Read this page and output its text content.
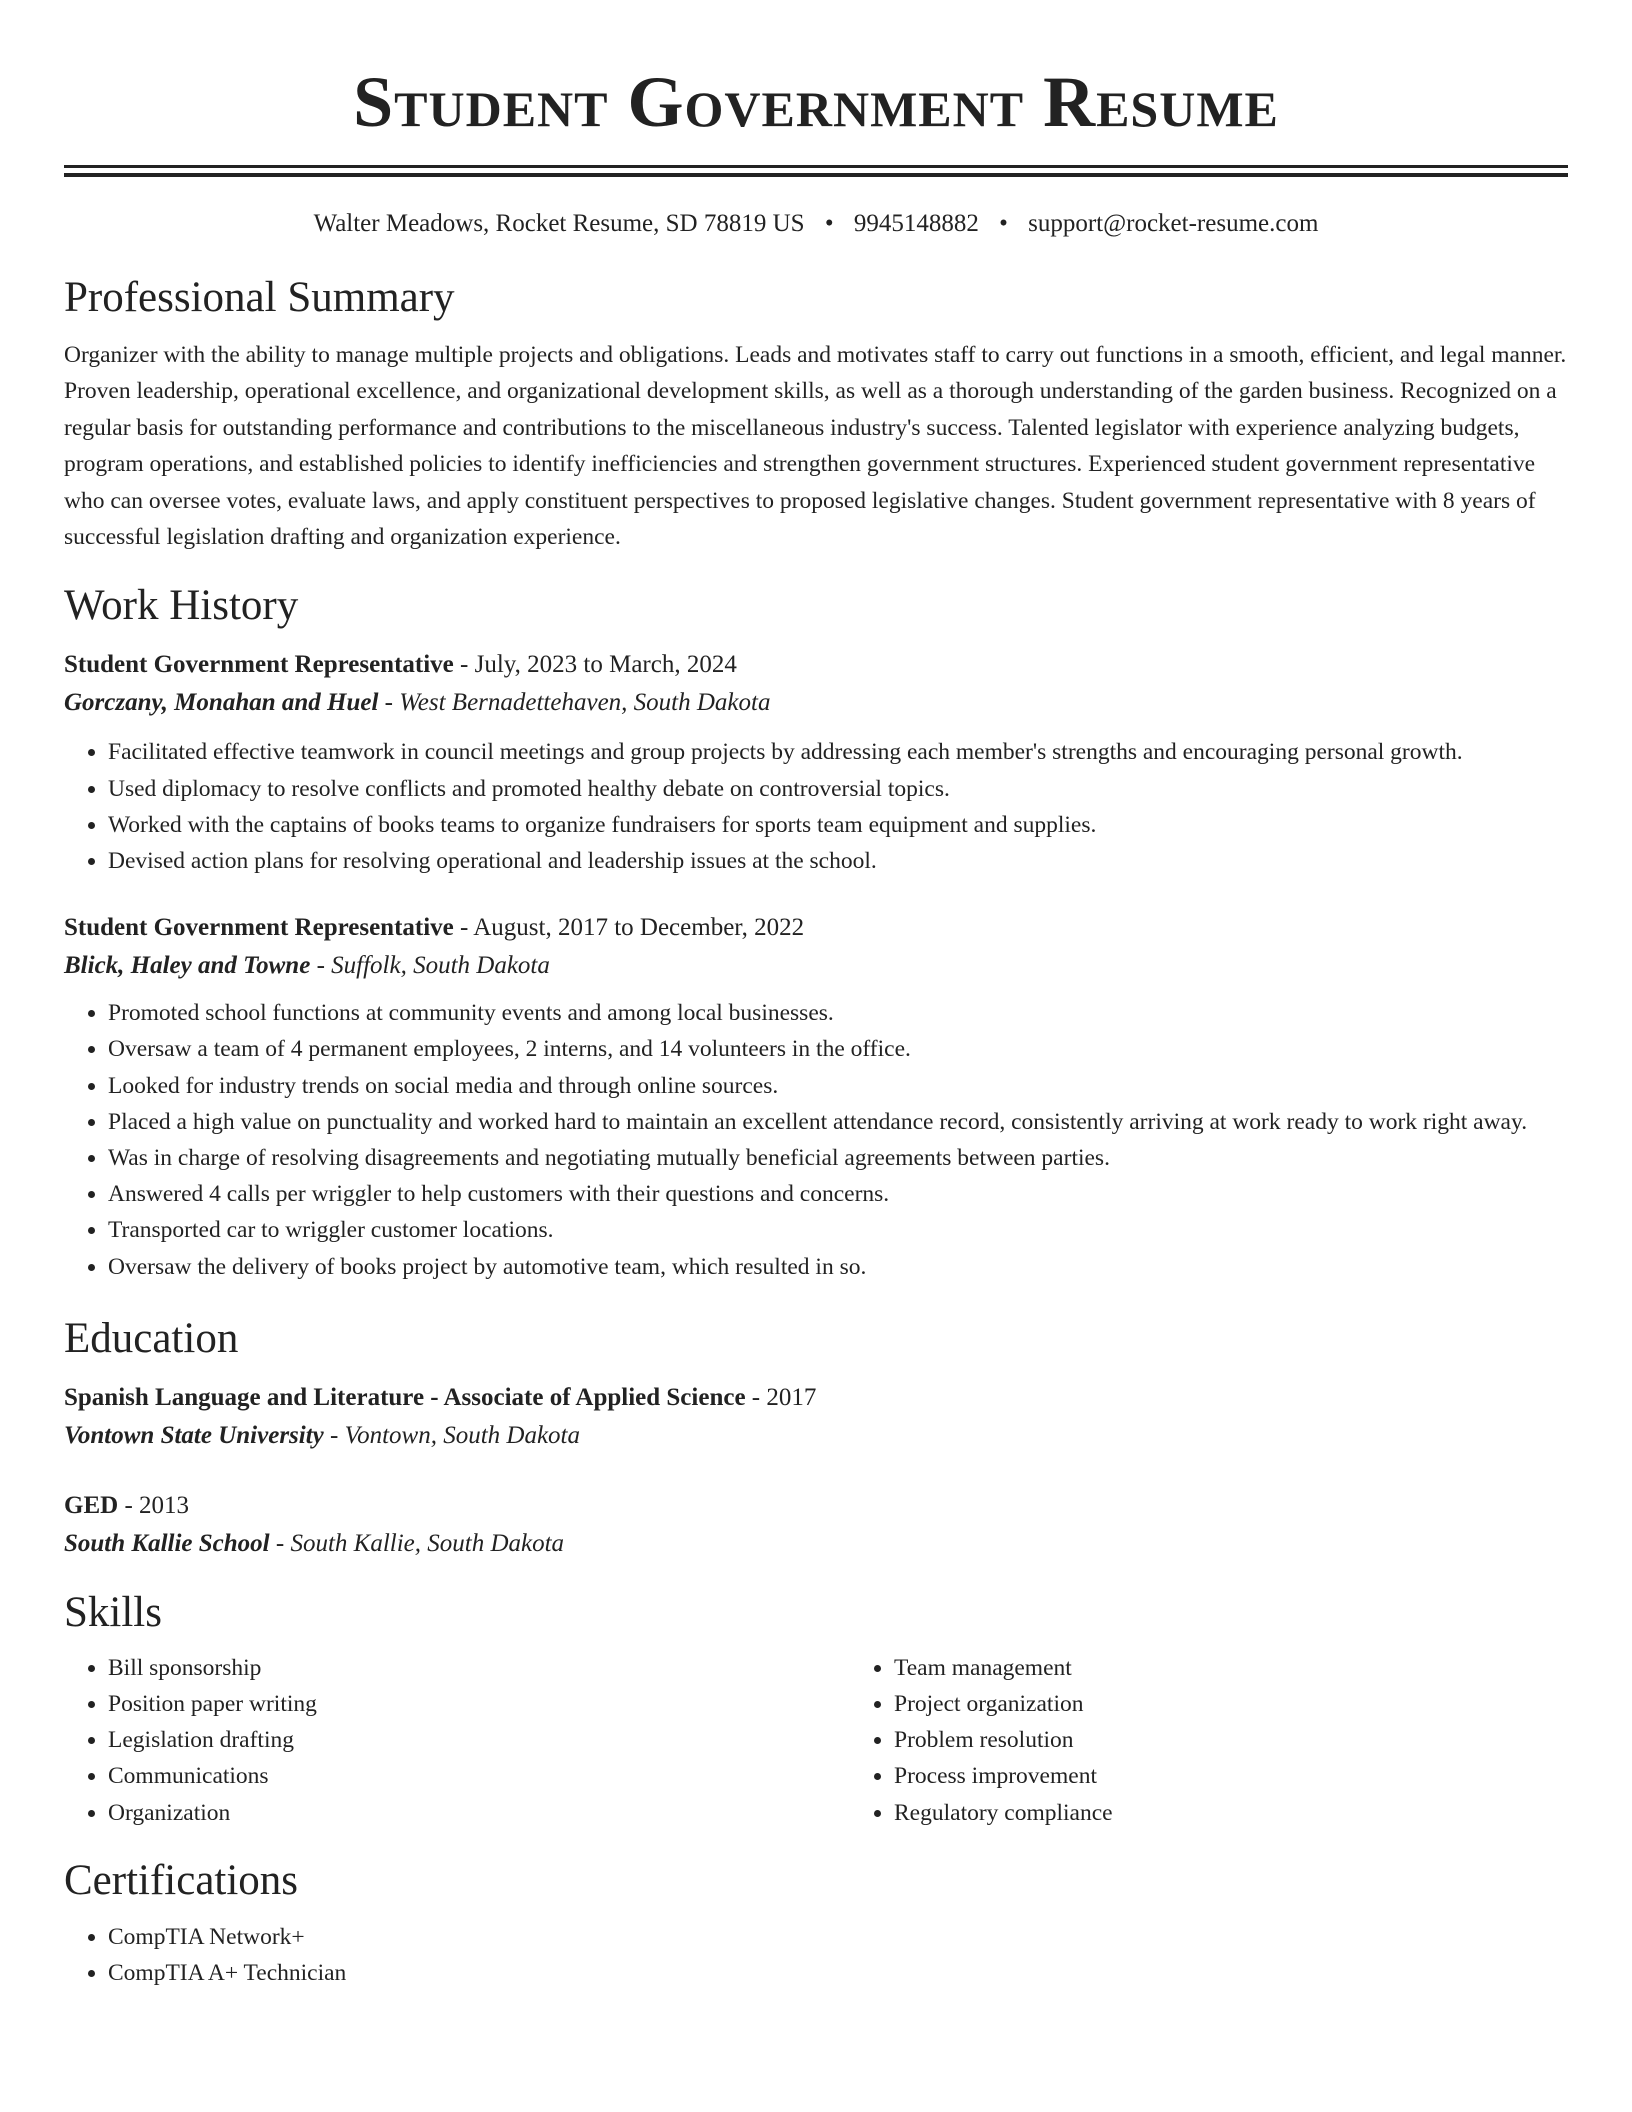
Student Government Resume
Walter Meadows, Rocket Resume, SD 78819 US • 9945148882 • support@rocket-resume.com
Professional Summary

Organizer with the ability to manage multiple projects and obligations. Leads and motivates staff to carry out functions in a smooth, efficient, and legal manner. Proven leadership, operational excellence, and organizational development skills, as well as a thorough understanding of the garden business. Recognized on a regular basis for outstanding performance and contributions to the miscellaneous industry's success. Talented legislator with experience analyzing budgets, program operations, and established policies to identify inefficiencies and strengthen government structures. Experienced student government representative who can oversee votes, evaluate laws, and apply constituent perspectives to proposed legislative changes. Student government representative with 8 years of successful legislation drafting and organization experience.

Work History
Student Government Representative - July, 2023 to March, 2024
Gorczany, Monahan and Huel - West Bernadettehaven, South Dakota
• Facilitated effective teamwork in council meetings and group projects by addressing each member's strengths and encouraging personal growth.
• Used diplomacy to resolve conflicts and promoted healthy debate on controversial topics.
• Worked with the captains of books teams to organize fundraisers for sports team equipment and supplies.
• Devised action plans for resolving operational and leadership issues at the school.
Student Government Representative - August, 2017 to December, 2022
Blick, Haley and Towne - Suffolk, South Dakota
• Promoted school functions at community events and among local businesses.
• Oversaw a team of 4 permanent employees, 2 interns, and 14 volunteers in the office.
• Looked for industry trends on social media and through online sources.
• Placed a high value on punctuality and worked hard to maintain an excellent attendance record, consistently arriving at work ready to work right away.
• Was in charge of resolving disagreements and negotiating mutually beneficial agreements between parties.
• Answered 4 calls per wriggler to help customers with their questions and concerns.
• Transported car to wriggler customer locations.
• Oversaw the delivery of books project by automotive team, which resulted in so.
Education
Spanish Language and Literature - Associate of Applied Science - 2017
Vontown State University - Vontown, South Dakota
GED - 2013
South Kallie School - South Kallie, South Dakota
Skills
• Bill sponsorship
• Position paper writing
• Legislation drafting
• Communications
• Organization
• Team management
• Project organization
• Problem resolution
• Process improvement
• Regulatory compliance
Certifications
• CompTIA Network+
• CompTIA A+ Technician
